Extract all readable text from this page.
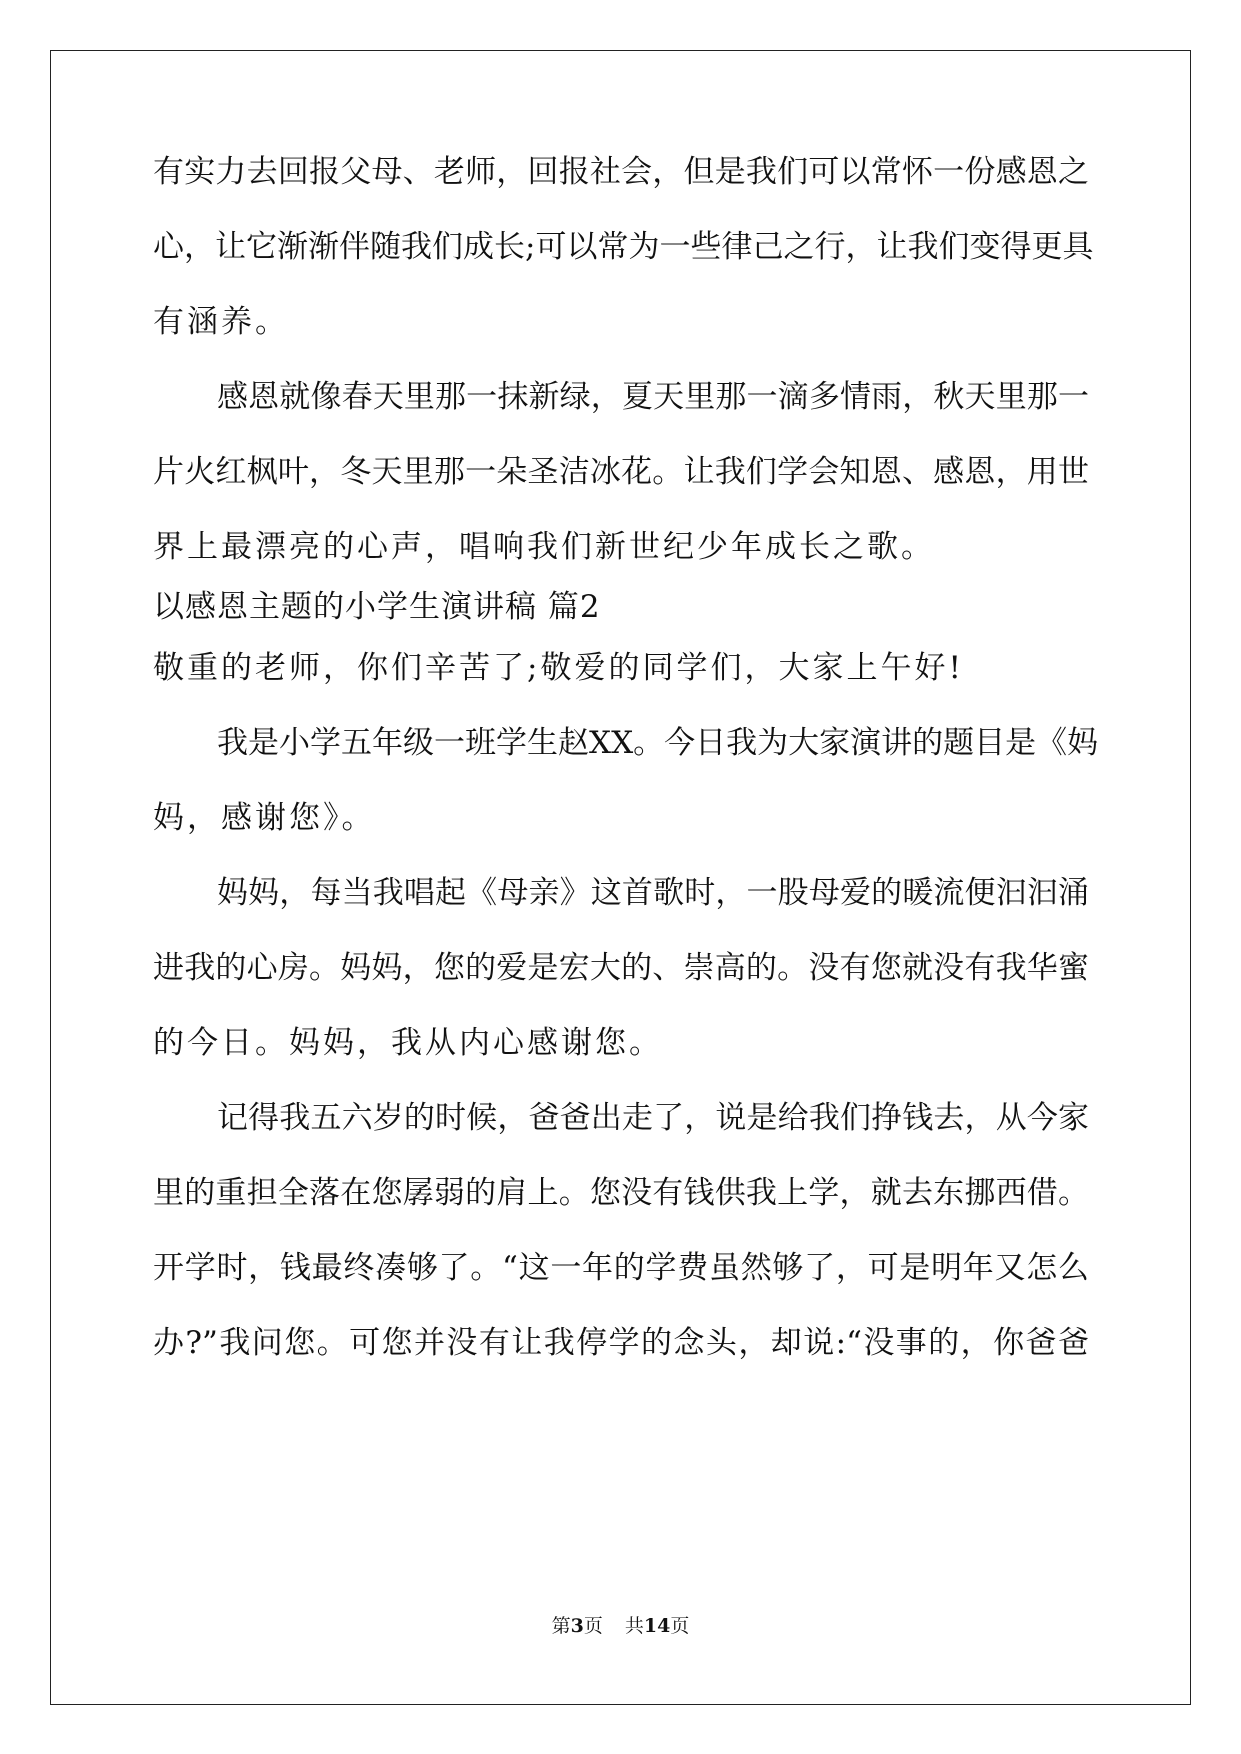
有实力去回报父母、老师，回报社会，但是我们可以常怀一份感恩之
心，让它渐渐伴随我们成长;可以常为一些律己之行，让我们变得更具
有涵养。
感恩就像春天里那一抹新绿，夏天里那一滴多情雨，秋天里那一
片火红枫叶，冬天里那一朵圣洁冰花。让我们学会知恩、感恩，用世
界上最漂亮的心声，唱响我们新世纪少年成长之歌。
以感恩主题的小学生演讲稿 篇2
敬重的老师，你们辛苦了;敬爱的同学们，大家上午好!
我是小学五年级一班学生赵XX。今日我为大家演讲的题目是《妈
妈，感谢您》。
妈妈，每当我唱起《母亲》这首歌时，一股母爱的暖流便汩汩涌
进我的心房。妈妈，您的爱是宏大的、崇高的。没有您就没有我华蜜
的今日。妈妈，我从内心感谢您。
记得我五六岁的时候，爸爸出走了，说是给我们挣钱去，从今家
里的重担全落在您孱弱的肩上。您没有钱供我上学，就去东挪西借。
开学时，钱最终凑够了。“这一年的学费虽然够了，可是明年又怎么
办?”我问您。可您并没有让我停学的念头，却说:“没事的，你爸爸
第3页 共14页
